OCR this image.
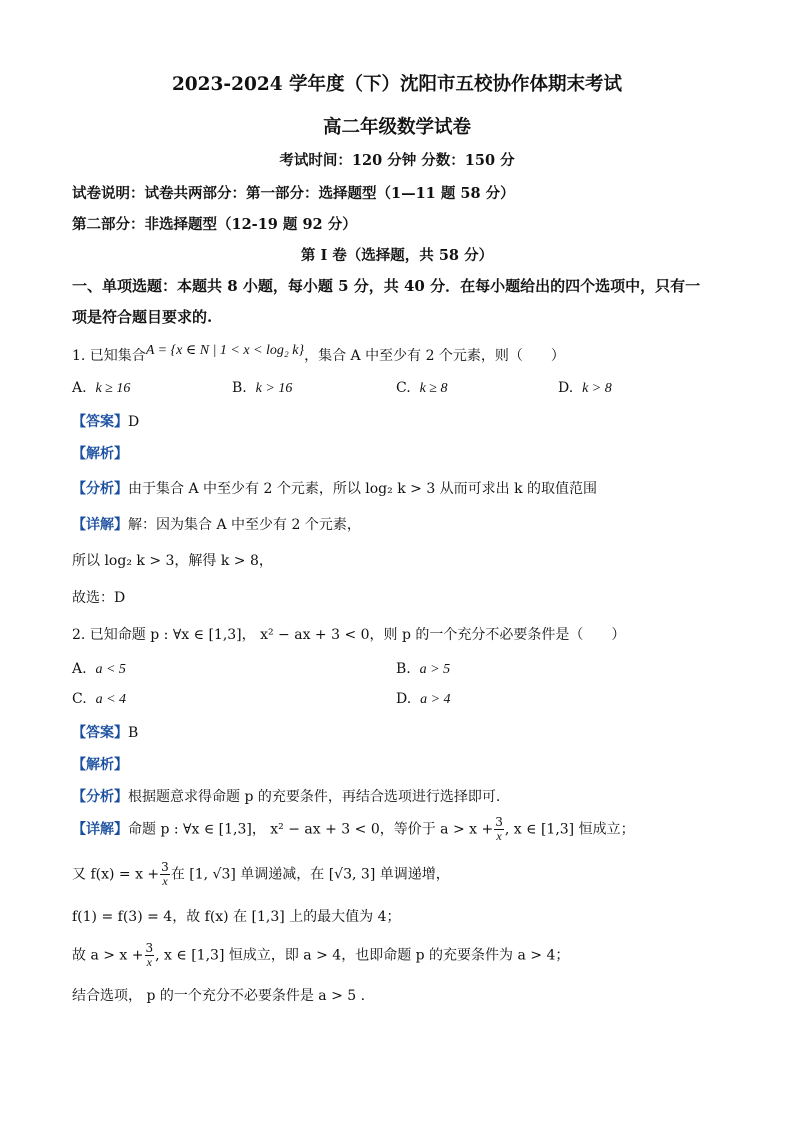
2023-2024 学年度（下）沈阳市五校协作体期末考试
高二年级数学试卷
考试时间：120 分钟 分数：150 分
试卷说明：试卷共两部分：第一部分：选择题型（1—11 题 58 分）
第二部分：非选择题型（12-19 题 92 分）
第 I 卷（选择题，共 58 分）
一、单项选题：本题共 8 小题，每小题 5 分，共 40 分．在每小题给出的四个选项中，只有一
项是符合题目要求的.
1. 已知集合A = {x ∈ N | 1 < x < log₂ k}，集合 A 中至少有 2 个元素，则（　　）
A. k ≥ 16	B. k > 16	C. k ≥ 8	D. k > 8
【答案】D
【解析】
【分析】由于集合 A 中至少有 2 个元素，所以 log₂ k > 3 从而可求出 k 的取值范围
【详解】解：因为集合 A 中至少有 2 个元素，
所以 log₂ k > 3，解得 k > 8，
故选：D
2. 已知命题 p : ∀x ∈ [1,3]， x² − ax + 3 < 0，则 p 的一个充分不必要条件是（　　）
A. a < 5	B. a > 5
C. a < 4	D. a > 4
【答案】B
【解析】
【分析】根据题意求得命题 p 的充要条件，再结合选项进行选择即可.
【详解】命题 p : ∀x ∈ [1,3]， x² − ax + 3 < 0，等价于 $a > x + \frac{3}{x}$ , x ∈ [1,3] 恒成立；
又 $f(x) = x + \frac{3}{x}$ 在 [1, √3] 单调递减，在 [√3, 3] 单调递增，
f(1) = f(3) = 4，故 f(x) 在 [1,3] 上的最大值为 4；
故 $a > x + \frac{3}{x}$ , x ∈ [1,3] 恒成立，即 a > 4，也即命题 p 的充要条件为 a > 4；
结合选项， p 的一个充分不必要条件是 a > 5 .
